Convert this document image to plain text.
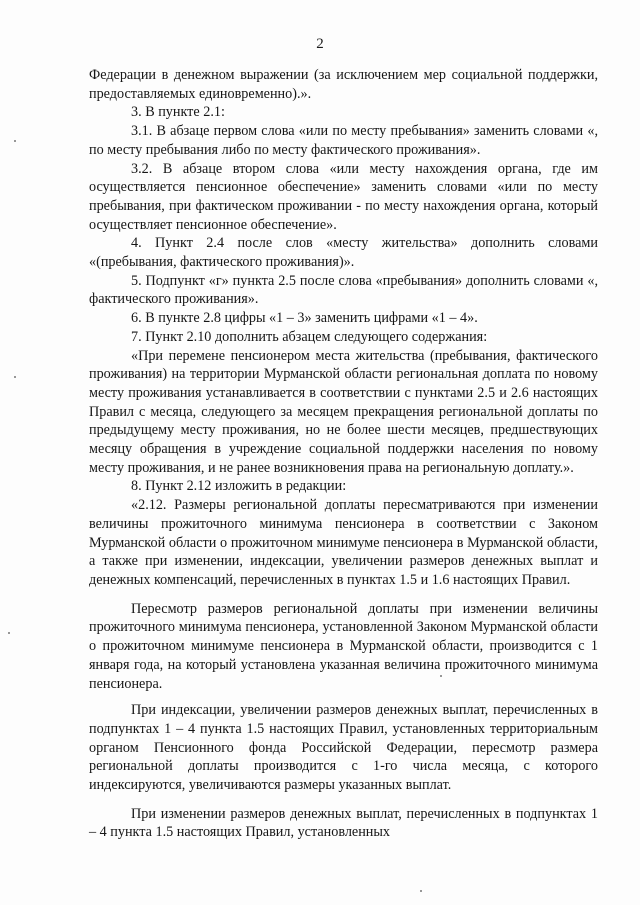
2

Федерации в денежном выражении (за исключением мер социальной поддержки, предоставляемых единовременно).».

3. В пункте 2.1:

3.1. В абзаце первом слова «или по месту пребывания» заменить словами «, по месту пребывания либо по месту фактического проживания».

3.2. В абзаце втором слова «или месту нахождения органа, где им осуществляется пенсионное обеспечение» заменить словами «или по месту пребывания, при фактическом проживании - по месту нахождения органа, который осуществляет пенсионное обеспечение».

4. Пункт 2.4 после слов «месту жительства» дополнить словами «(пребывания, фактического проживания)».

5. Подпункт «г» пункта 2.5 после слова «пребывания» дополнить словами «, фактического проживания».

6. В пункте 2.8 цифры «1 – 3» заменить цифрами «1 – 4».

7. Пункт 2.10 дополнить абзацем следующего содержания:

«При перемене пенсионером места жительства (пребывания, фактического проживания) на территории Мурманской области региональная доплата по новому месту проживания устанавливается в соответствии с пунктами 2.5 и 2.6 настоящих Правил с месяца, следующего за месяцем прекращения региональной доплаты по предыдущему месту проживания, но не более шести месяцев, предшествующих месяцу обращения в учреждение социальной поддержки населения по новому месту проживания, и не ранее возникновения права на региональную доплату.».

8. Пункт 2.12 изложить в редакции:

«2.12. Размеры региональной доплаты пересматриваются при изменении величины прожиточного минимума пенсионера в соответствии с Законом Мурманской области о прожиточном минимуме пенсионера в Мурманской области, а также при изменении, индексации, увеличении размеров денежных выплат и денежных компенсаций, перечисленных в пунктах 1.5 и 1.6 настоящих Правил.

Пересмотр размеров региональной доплаты при изменении величины прожиточного минимума пенсионера, установленной Законом Мурманской области о прожиточном минимуме пенсионера в Мурманской области, производится с 1 января года, на который установлена указанная величина прожиточного минимума пенсионера.

При индексации, увеличении размеров денежных выплат, перечисленных в подпунктах 1 – 4 пункта 1.5 настоящих Правил, установленных территориальным органом Пенсионного фонда Российской Федерации, пересмотр размера региональной доплаты производится с 1-го числа месяца, с которого индексируются, увеличиваются размеры указанных выплат.

При изменении размеров денежных выплат, перечисленных в подпунктах 1 – 4 пункта 1.5 настоящих Правил, установленных
